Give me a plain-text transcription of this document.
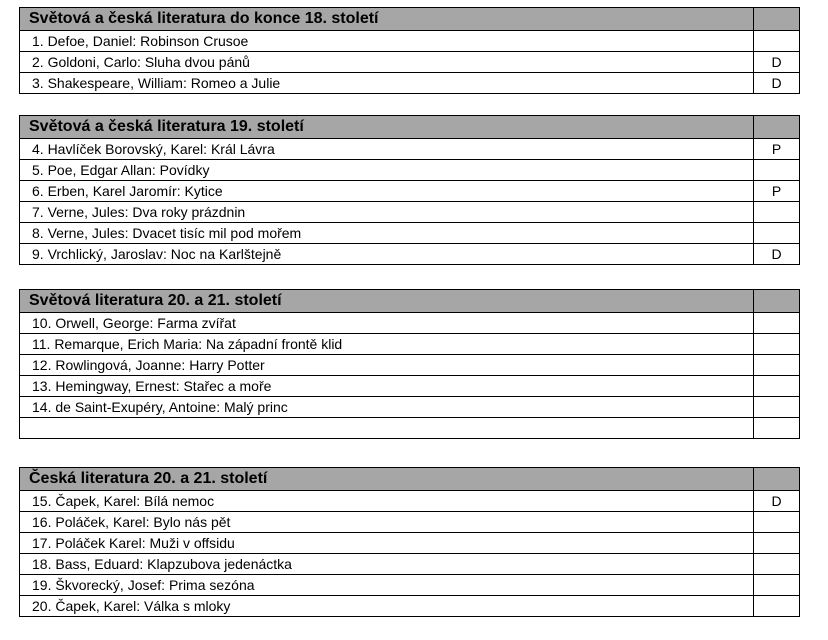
Světová a česká literatura do konce 18. století	
1. Defoe, Daniel: Robinson Crusoe	
2. Goldoni, Carlo: Sluha dvou pánů	D
3. Shakespeare, William: Romeo a Julie	D
Světová a česká literatura 19. století	
4. Havlíček Borovský, Karel: Král Lávra	P
5. Poe, Edgar Allan: Povídky	
6. Erben, Karel Jaromír: Kytice	P
7. Verne, Jules: Dva roky prázdnin	
8. Verne, Jules: Dvacet tisíc mil pod mořem	
9. Vrchlický, Jaroslav: Noc na Karlštejně	D
Světová literatura 20. a 21. století	
10. Orwell, George: Farma zvířat	
11. Remarque, Erich Maria: Na západní frontě klid	
12. Rowlingová, Joanne: Harry Potter	
13. Hemingway, Ernest: Stařec a moře	
14. de Saint-Exupéry, Antoine: Malý princ	

Česká literatura 20. a 21. století	
15. Čapek, Karel: Bílá nemoc	D
16. Poláček, Karel: Bylo nás pět	
17. Poláček Karel: Muži v offsidu	
18. Bass, Eduard: Klapzubova jedenáctka	
19. Škvorecký, Josef: Prima sezóna	
20. Čapek, Karel: Válka s mloky	
